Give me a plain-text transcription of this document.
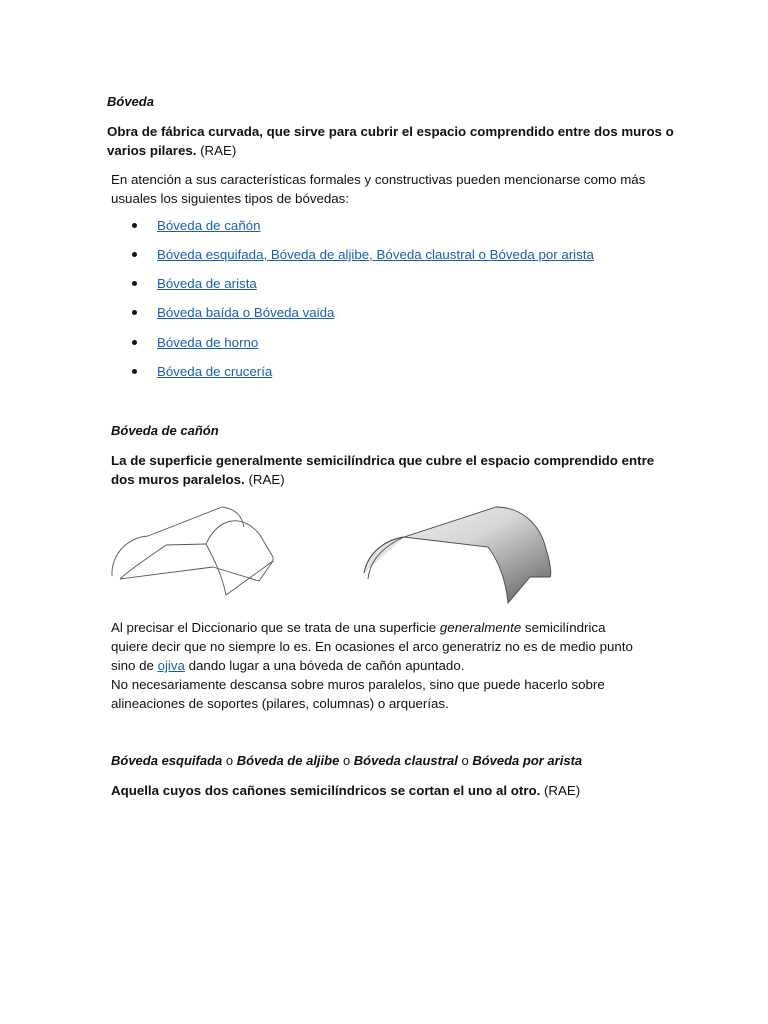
Bóveda
Obra de fábrica curvada, que sirve para cubrir el espacio comprendido entre dos muros o varios pilares. (RAE)
En atención a sus características formales y constructivas pueden mencionarse como más
usuales los siguientes tipos de bóvedas:
Bóveda de cañón
Bóveda esquifada, Bóveda de aljibe, Bóveda claustral o Bóveda por arista
Bóveda de arista
Bóveda baída o Bóveda vaida
Bóveda de horno
Bóveda de crucería
Bóveda de cañón
La de superficie generalmente semicilíndrica que cubre el espacio comprendido entre
dos muros paralelos. (RAE)
Al precisar el Diccionario que se trata de una superficie generalmente semicilíndrica
quiere decir que no siempre lo es. En ocasiones el arco generatriz no es de medio punto
sino de ojiva dando lugar a una bóveda de cañón apuntado.
No necesariamente descansa sobre muros paralelos, sino que puede hacerlo sobre
alineaciones de soportes (pilares, columnas) o arquerías.
Bóveda esquifada o Bóveda de aljibe o Bóveda claustral o Bóveda por arista
Aquella cuyos dos cañones semicilíndricos se cortan el uno al otro. (RAE)
